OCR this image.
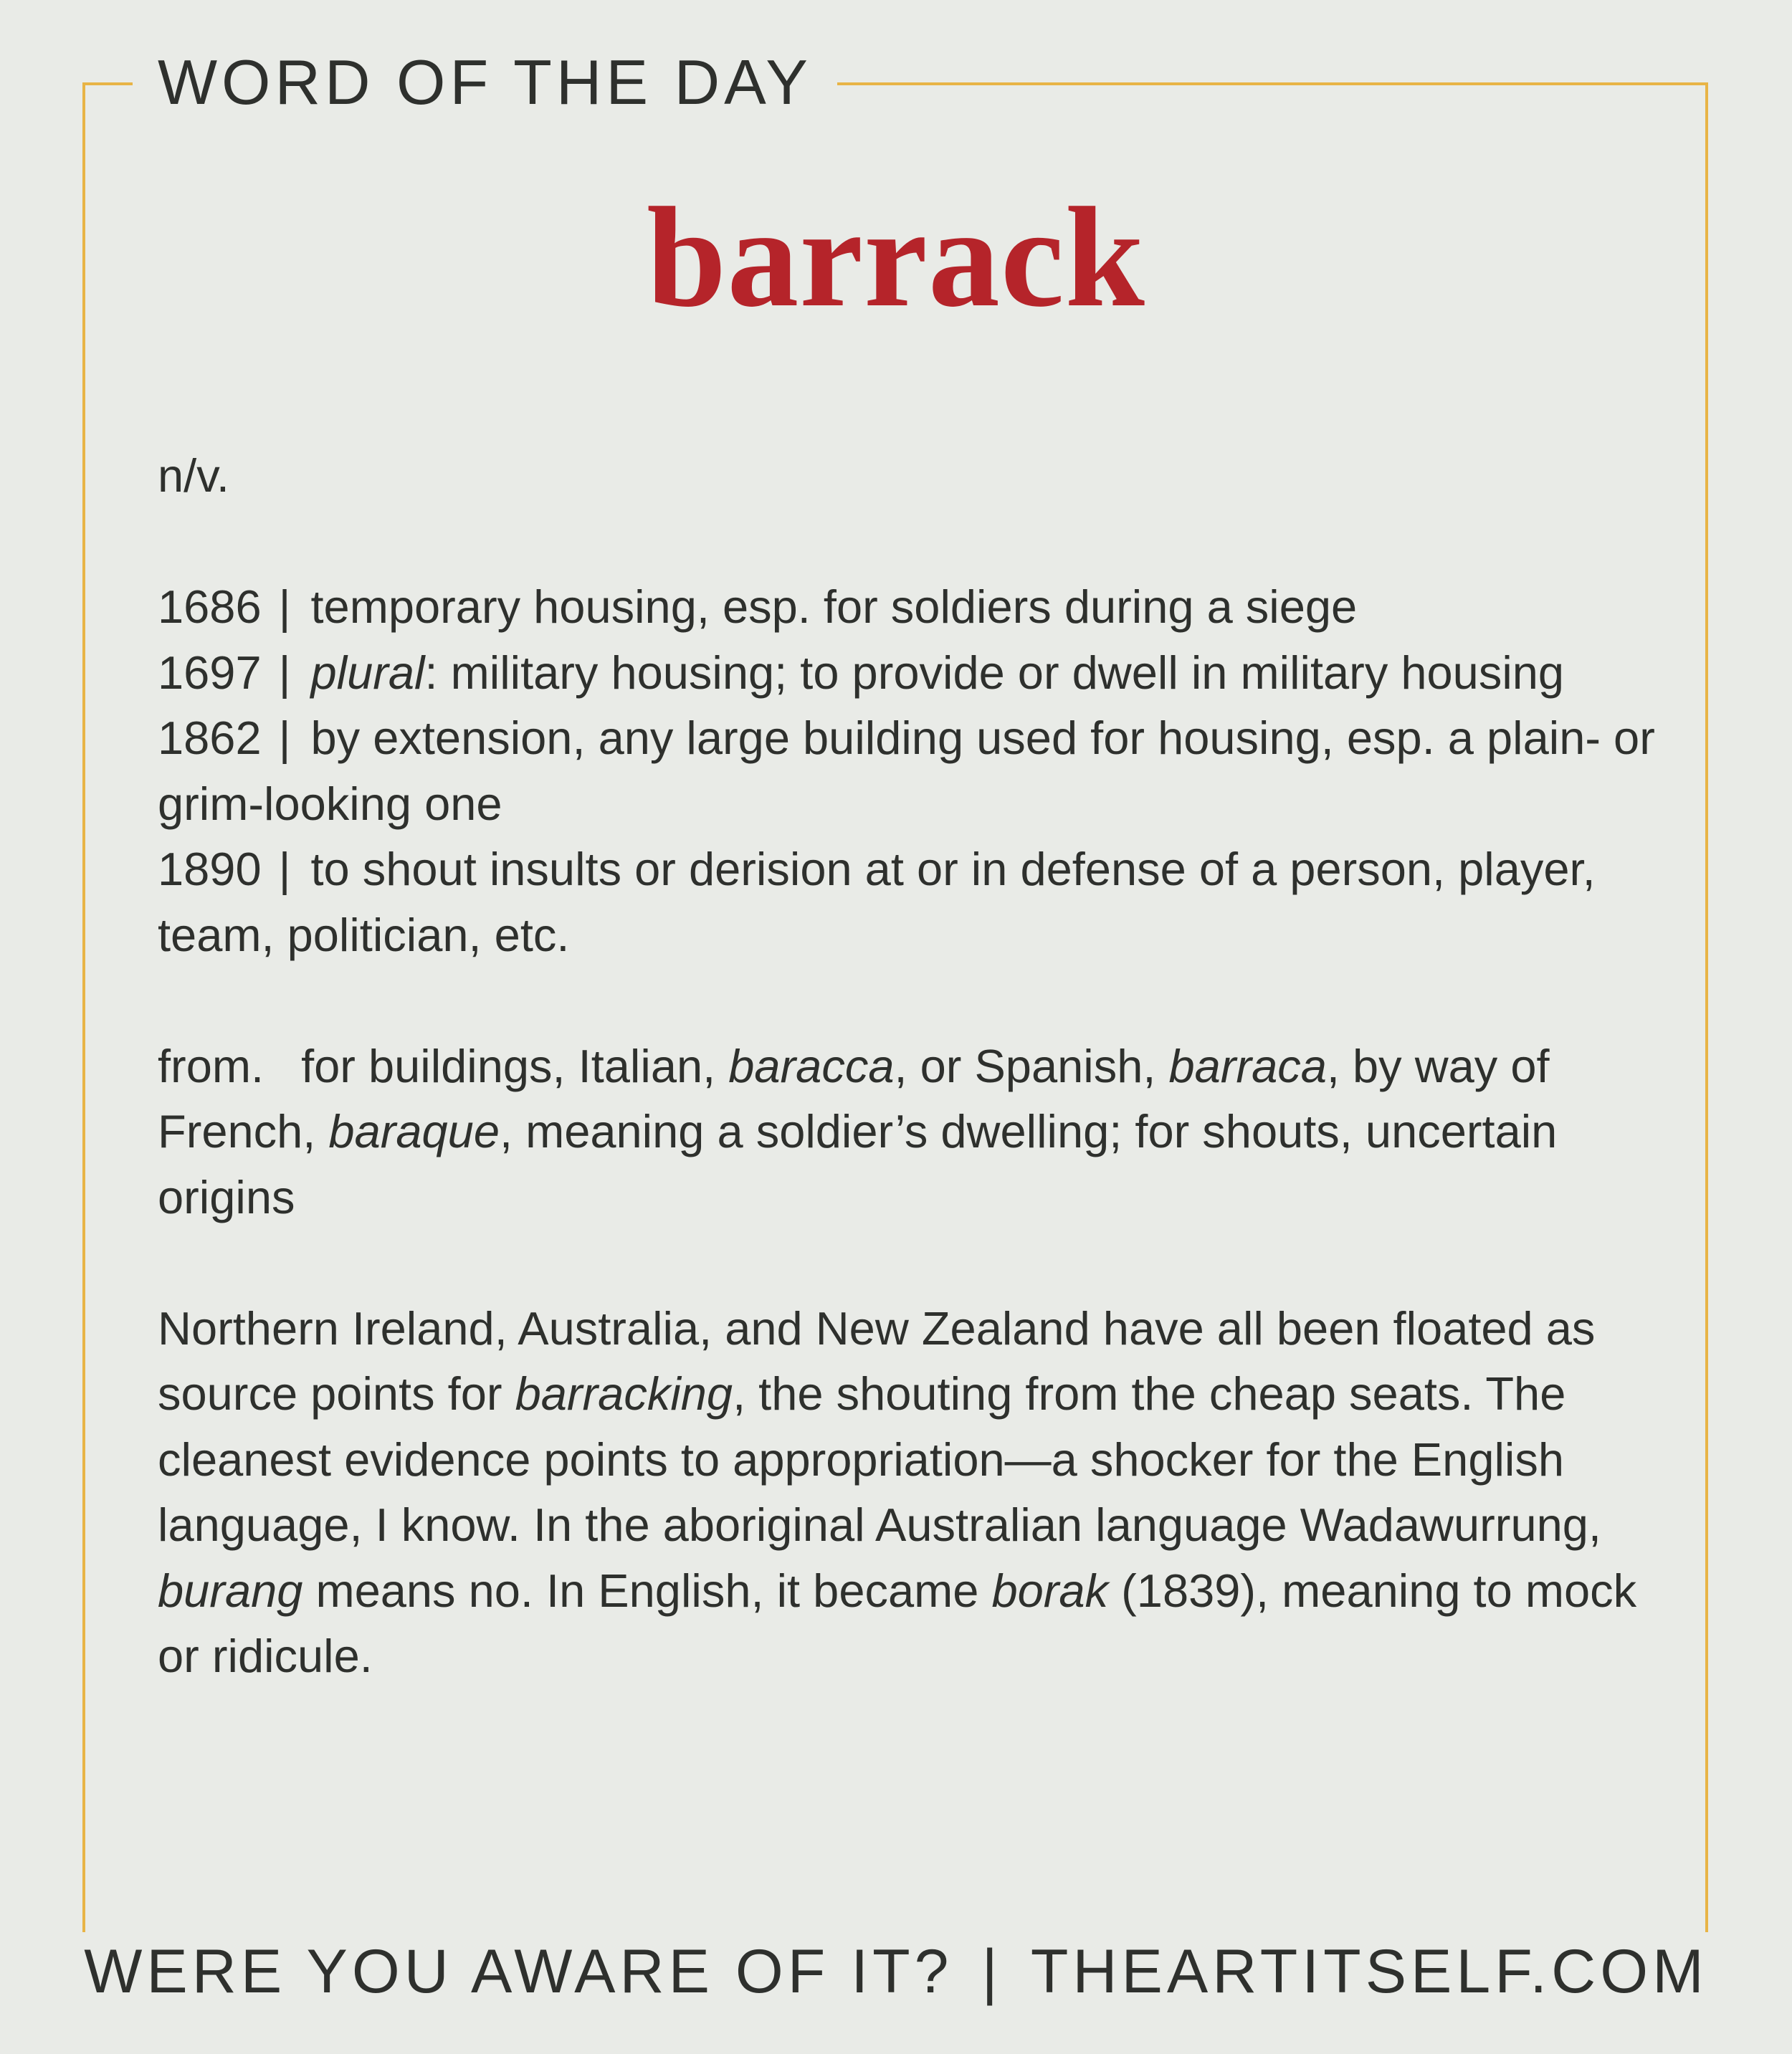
WORD OF THE DAY
barrack

n/v.

1686 | temporary housing, esp. for soldiers during a siege

1697 | plural: military housing; to provide or dwell in military housing

1862 | by extension, any large building used for housing, esp. a plain- or grim-looking one

1890 | to shout insults or derision at or in defense of a person, player, team, politician, etc.

from. for buildings, Italian, baracca, or Spanish, barraca, by way of French, baraque, meaning a soldier’s dwelling; for shouts, uncertain origins

Northern Ireland, Australia, and New Zealand have all been floated as source points for barracking, the shouting from the cheap seats. The cleanest evidence points to appropriation—a shocker for the English language, I know. In the aboriginal Australian language Wadawurrung, burang means no. In English, it became borak (1839), meaning to mock or ridicule.

WERE YOU AWARE OF IT? | THEARTITSELF.COM
